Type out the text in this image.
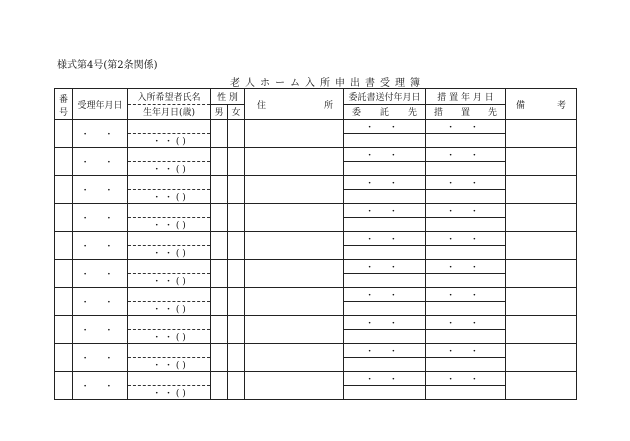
様式第4号(第2条関係)
老人ホーム入所申出書受理簿
番
号	受理年月日	入所希望者氏名	性 別		住 所	委託書送付年月日	措 置 年 月 日	備 考

		生年月日(歳)	男	女		委 託 先	措 置 先	

	・ ・					・ ・	・ ・	
		・ ・ ( )						
	・ ・					・ ・	・ ・	
		・ ・ ( )						
	・ ・					・ ・	・ ・	
		・ ・ ( )						
	・ ・					・ ・	・ ・	
		・ ・ ( )						
	・ ・					・ ・	・ ・	
		・ ・ ( )						
	・ ・					・ ・	・ ・	
		・ ・ ( )						
	・ ・					・ ・	・ ・	
		・ ・ ( )						
	・ ・					・ ・	・ ・	
		・ ・ ( )						
	・ ・					・ ・	・ ・	
		・ ・ ( )						
	・ ・					・ ・	・ ・	
		・ ・ ( )						
